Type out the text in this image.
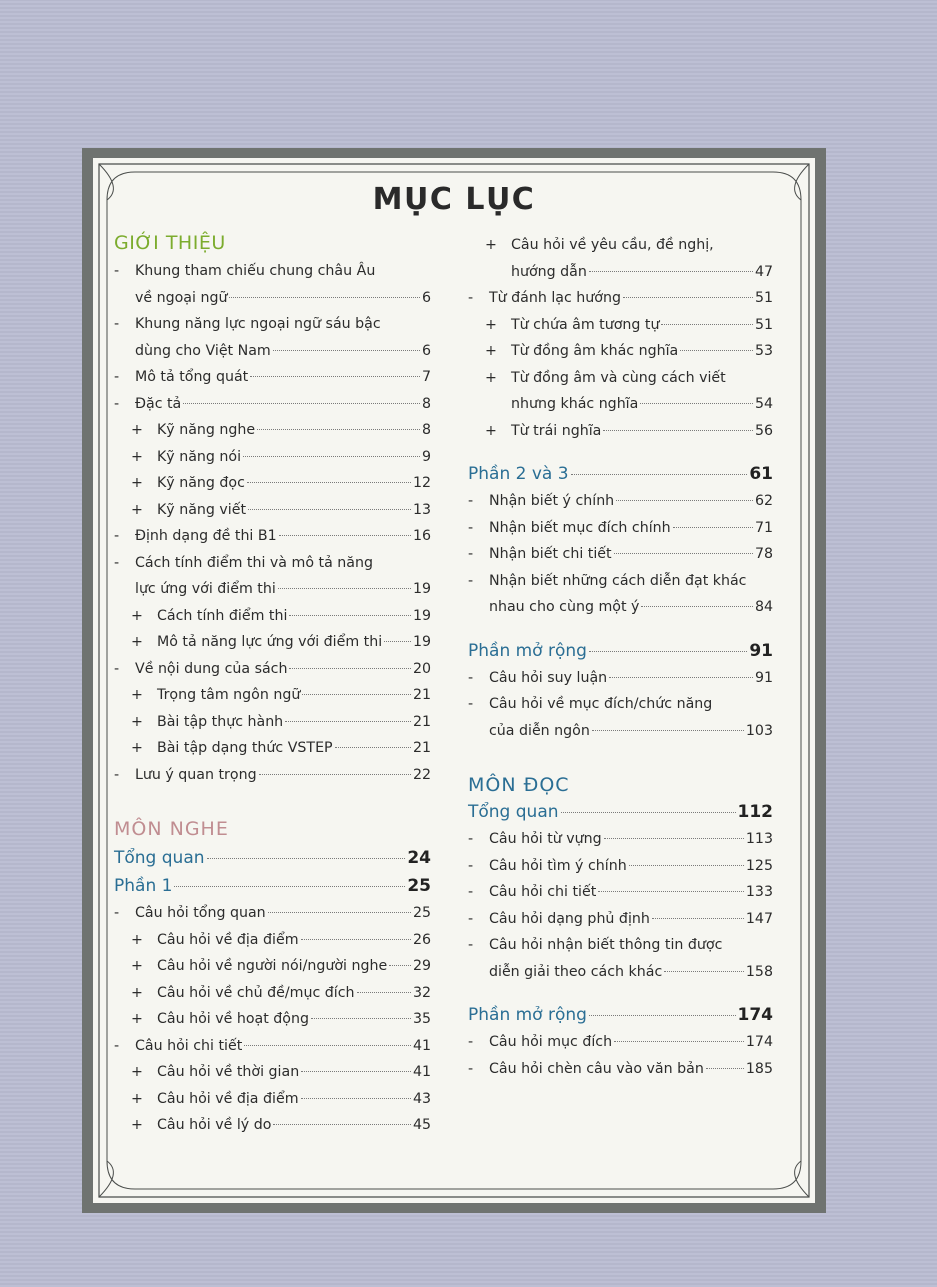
MỤC LỤC
GIỚI THIỆU
- Khung tham chiếu chung châu Âu
về ngoại ngữ	6
- Khung năng lực ngoại ngữ sáu bậc
dùng cho Việt Nam	6
- Mô tả tổng quát	7
- Đặc tả	8
+ Kỹ năng nghe	8
+ Kỹ năng nói	9
+ Kỹ năng đọc	12
+ Kỹ năng viết	13
- Định dạng đề thi B1	16
- Cách tính điểm thi và mô tả năng
lực ứng với điểm thi	19
+ Cách tính điểm thi	19
+ Mô tả năng lực ứng với điểm thi 19
- Về nội dung của sách	20
+ Trọng tâm ngôn ngữ	21
+ Bài tập thực hành	21
+ Bài tập dạng thức VSTEP	21
- Lưu ý quan trọng	22
MÔN NGHE
Tổng quan	24
Phần 1	25
- Câu hỏi tổng quan	25
+ Câu hỏi về địa điểm	26
+ Câu hỏi về người nói/người nghe 29
+ Câu hỏi về chủ đề/mục đích	32
+ Câu hỏi về hoạt động	35
- Câu hỏi chi tiết	41
+ Câu hỏi về thời gian	41
+ Câu hỏi về địa điểm	43
+ Câu hỏi về lý do	45
+ Câu hỏi về yêu cầu, đề nghị,
hướng dẫn	47
- Từ đánh lạc hướng	51
+ Từ chứa âm tương tự	51
+ Từ đồng âm khác nghĩa	53
+ Từ đồng âm và cùng cách viết
nhưng khác nghĩa	54
+ Từ trái nghĩa	56
Phần 2 và 3	61
- Nhận biết ý chính	62
- Nhận biết mục đích chính	71
- Nhận biết chi tiết	78
- Nhận biết những cách diễn đạt khác
nhau cho cùng một ý	84
Phần mở rộng	91
- Câu hỏi suy luận	91
- Câu hỏi về mục đích/chức năng
của diễn ngôn	103
MÔN ĐỌC
Tổng quan	112
- Câu hỏi từ vựng	113
- Câu hỏi tìm ý chính	125
- Câu hỏi chi tiết	133
- Câu hỏi dạng phủ định	147
- Câu hỏi nhận biết thông tin được
diễn giải theo cách khác	158
Phần mở rộng	174
- Câu hỏi mục đích	174
- Câu hỏi chèn câu vào văn bản	185
